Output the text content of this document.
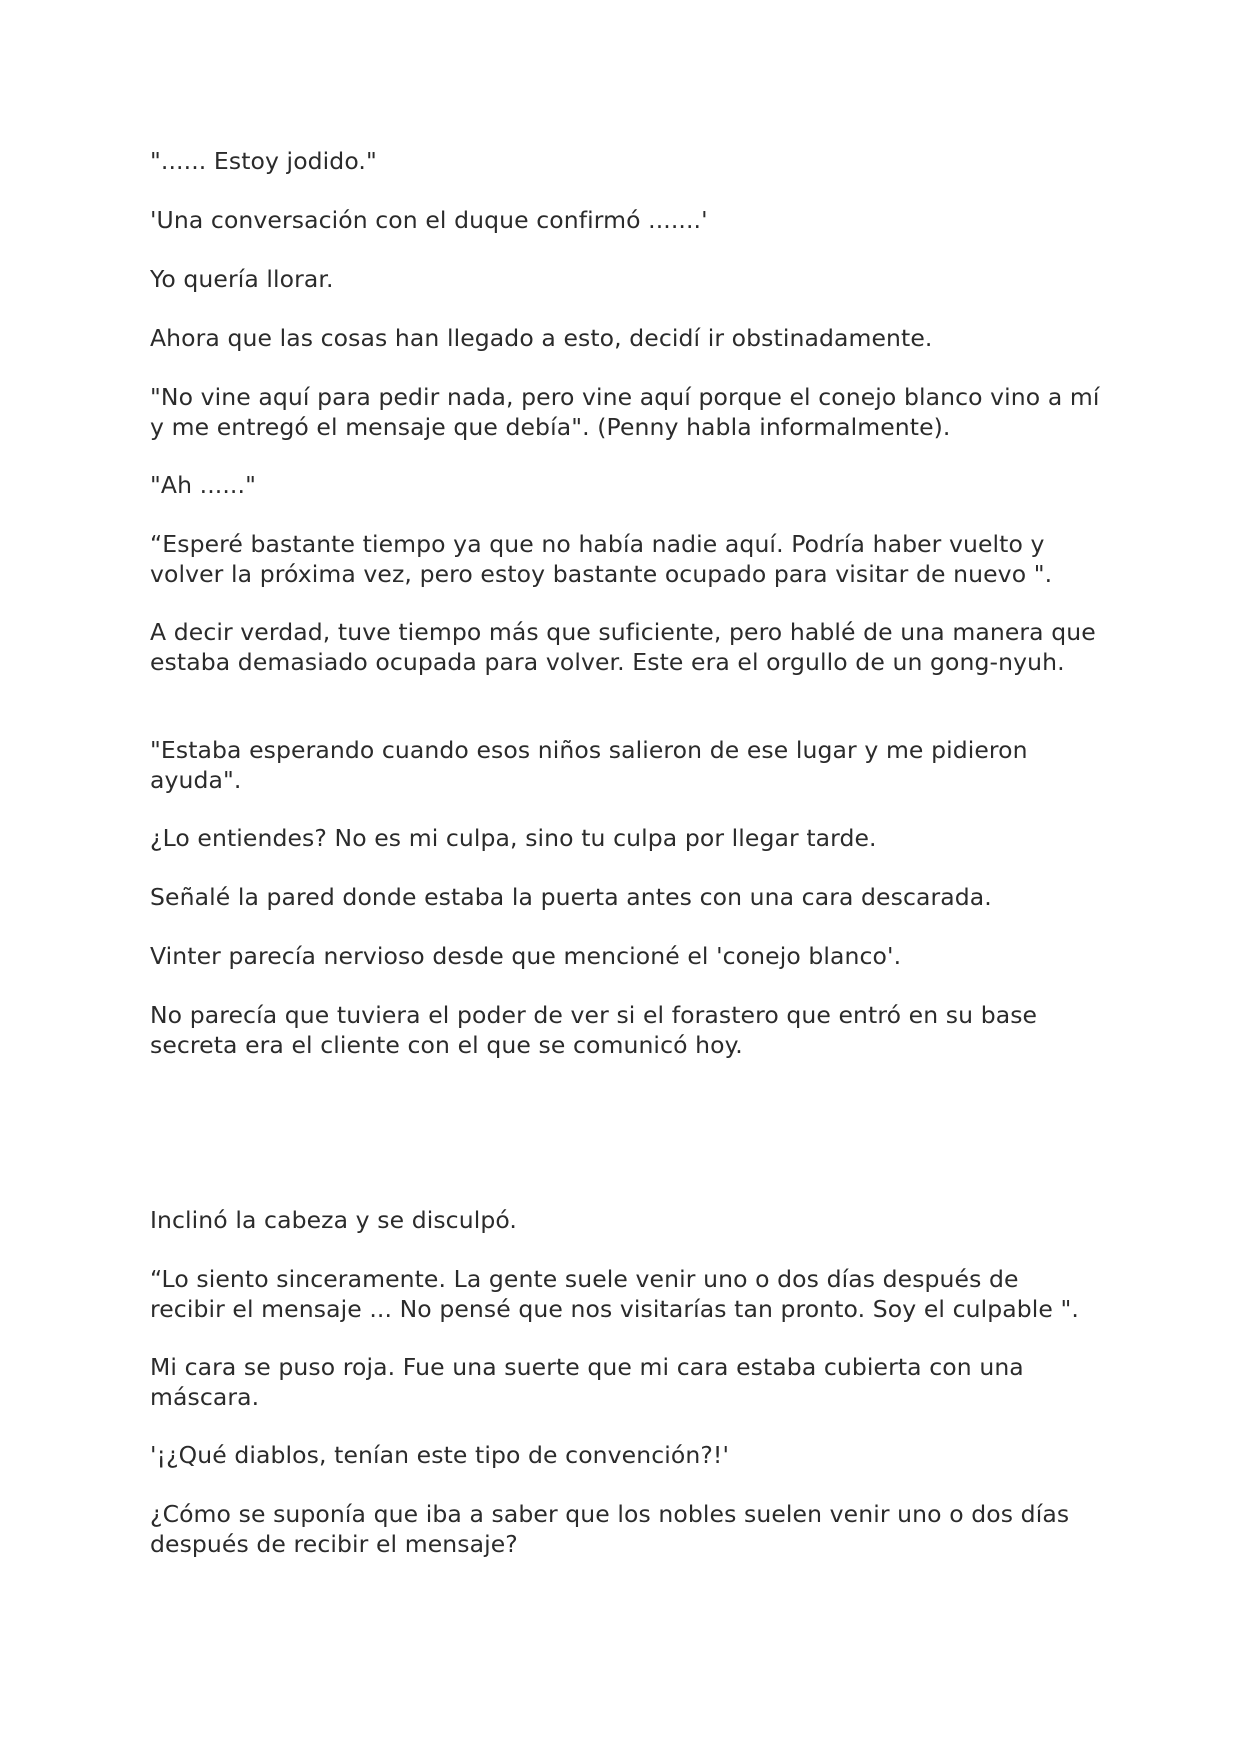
"...... Estoy jodido."

'Una conversación con el duque confirmó .......'

Yo quería llorar.

Ahora que las cosas han llegado a esto, decidí ir obstinadamente.

"No vine aquí para pedir nada, pero vine aquí porque el conejo blanco vino a mí y me entregó el mensaje que debía". (Penny habla informalmente).

"Ah ......"

“Esperé bastante tiempo ya que no había nadie aquí. Podría haber vuelto y volver la próxima vez, pero estoy bastante ocupado para visitar de nuevo ".

A decir verdad, tuve tiempo más que suficiente, pero hablé de una manera que estaba demasiado ocupada para volver. Este era el orgullo de un gong-nyuh.

"Estaba esperando cuando esos niños salieron de ese lugar y me pidieron ayuda".

¿Lo entiendes? No es mi culpa, sino tu culpa por llegar tarde.

Señalé la pared donde estaba la puerta antes con una cara descarada.

Vinter parecía nervioso desde que mencioné el 'conejo blanco'.

No parecía que tuviera el poder de ver si el forastero que entró en su base secreta era el cliente con el que se comunicó hoy.

Inclinó la cabeza y se disculpó.

“Lo siento sinceramente. La gente suele venir uno o dos días después de recibir el mensaje ... No pensé que nos visitarías tan pronto. Soy el culpable ".

Mi cara se puso roja. Fue una suerte que mi cara estaba cubierta con una máscara.

'¡¿Qué diablos, tenían este tipo de convención?!'

¿Cómo se suponía que iba a saber que los nobles suelen venir uno o dos días después de recibir el mensaje?
